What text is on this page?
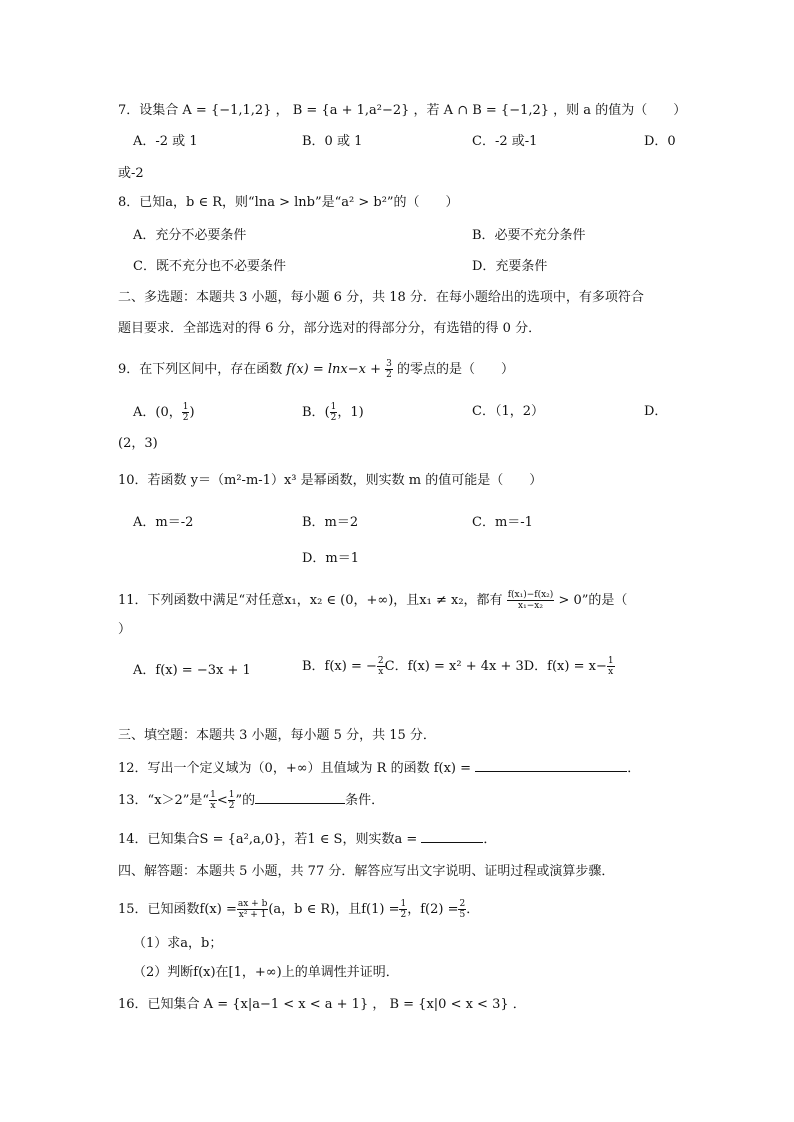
7．设集合 A = {−1,1,2} ， B = {a + 1,a²−2} ，若 A ∩ B = {−1,2} ，则 a 的值为（　　）
A．-2 或 1	B．0 或 1	C．-2 或-1	D．0
或-2
8．已知a，b ∈ R，则“lna > lnb”是“a² > b²”的（　　）
A．充分不必要条件	B．必要不充分条件
C．既不充分也不必要条件	D．充要条件
二、多选题：本题共 3 小题，每小题 6 分，共 18 分．在每小题给出的选项中，有多项符合
题目要求．全部选对的得 6 分，部分选对的得部分分，有选错的得 0 分．
9．在下列区间中，存在函数 $f(x) = \ln x-x + \frac{3}{2}$ 的零点的是（　　）
A．(0， $\frac{1}{2}$ )	B．( $\frac{1}{2}$ ，1)	C．（1，2）	D．
(2，3)
10．若函数 y＝（m²-m-1）x³ 是幂函数，则实数 m 的值可能是（　　）
A．m＝-2	B．m＝2	C．m＝-1
D．m＝1
11．下列函数中满足“对任意x₁，x₂ ∈ (0，+∞)，且x₁ ≠ x₂，都有 $\frac{\text{f(x₁)−f(x₂)}}{\text{x₁−x₂}} > 0$”的是（
）
A．f(x) = −3x + 1	B．f(x) = − $\frac{2}{x}$ C．f(x) = x² + 4x + 3D．$f(x) = x- \frac{1}{x}$
三、填空题：本题共 3 小题，每小题 5 分，共 15 分．
12．写出一个定义域为（0，+∞）且值域为 R 的函数 f(x) =	．
13．“x＞2”是“ $\frac{1}{x} < \frac{1}{2}$ ”的	条件．
14．已知集合S = {a²,a,0}，若1 ∈ S，则实数a =	．
四、解答题：本题共 5 小题，共 77 分．解答应写出文字说明、证明过程或演算步骤．
15．已知函数$f(x) = \frac{ax + b}{\text{x² + 1}} (a$，b ∈ R)，且$f(1) = \frac{1}{2}$ ，$f(2) = \frac{2}{5}$ ．
（1）求a，b；
（2）判断f(x)在[1，+∞)上的单调性并证明．
16．已知集合 A = {x|a−1 < x < a + 1} ， B = {x|0 < x < 3} ．
